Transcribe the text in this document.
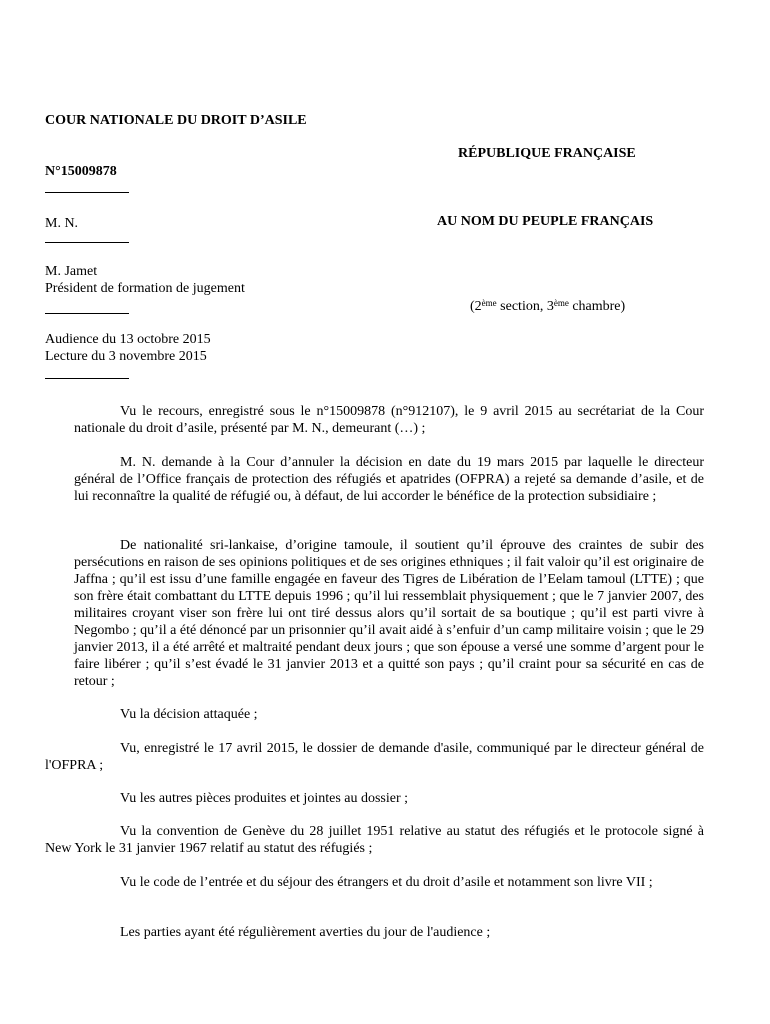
COUR NATIONALE DU DROIT D’ASILE
N°15009878
M. N.
M. Jamet
Président de formation de jugement
Audience du 13 octobre 2015
Lecture du 3 novembre 2015
RÉPUBLIQUE FRANÇAISE
AU NOM DU PEUPLE FRANÇAIS
(2ème section, 3ème chambre)

Vu le recours, enregistré sous le n°15009878 (n°912107), le 9 avril 2015 au secrétariat de la Cour nationale du droit d’asile, présenté par M. N., demeurant (…) ;

M. N. demande à la Cour d’annuler la décision en date du 19 mars 2015 par laquelle le directeur général de l’Office français de protection des réfugiés et apatrides (OFPRA) a rejeté sa demande d’asile, et de lui reconnaître la qualité de réfugié ou, à défaut, de lui accorder le bénéfice de la protection subsidiaire ;

De nationalité sri-lankaise, d’origine tamoule, il soutient qu’il éprouve des craintes de subir des persécutions en raison de ses opinions politiques et de ses origines ethniques ; il fait valoir qu’il est originaire de Jaffna ; qu’il est issu d’une famille engagée en faveur des Tigres de Libération de l’Eelam tamoul (LTTE) ; que son frère était combattant du LTTE depuis 1996 ; qu’il lui ressemblait physiquement ; que le 7 janvier 2007, des militaires croyant viser son frère lui ont tiré dessus alors qu’il sortait de sa boutique ; qu’il est parti vivre à Negombo ; qu’il a été dénoncé par un prisonnier qu’il avait aidé à s’enfuir d’un camp militaire voisin ; que le 29 janvier 2013, il a été arrêté et maltraité pendant deux jours ; que son épouse a versé une somme d’argent pour le faire libérer ; qu’il s’est évadé le 31 janvier 2013 et a quitté son pays ; qu’il craint pour sa sécurité en cas de retour ;

Vu la décision attaquée ;

Vu, enregistré le 17 avril 2015, le dossier de demande d'asile, communiqué par le directeur général de l'OFPRA ;

Vu les autres pièces produites et jointes au dossier ;

Vu la convention de Genève du 28 juillet 1951 relative au statut des réfugiés et le protocole signé à New York le 31 janvier 1967 relatif au statut des réfugiés ;

Vu le code de l’entrée et du séjour des étrangers et du droit d’asile et notamment son livre VII ;

Les parties ayant été régulièrement averties du jour de l'audience ;
